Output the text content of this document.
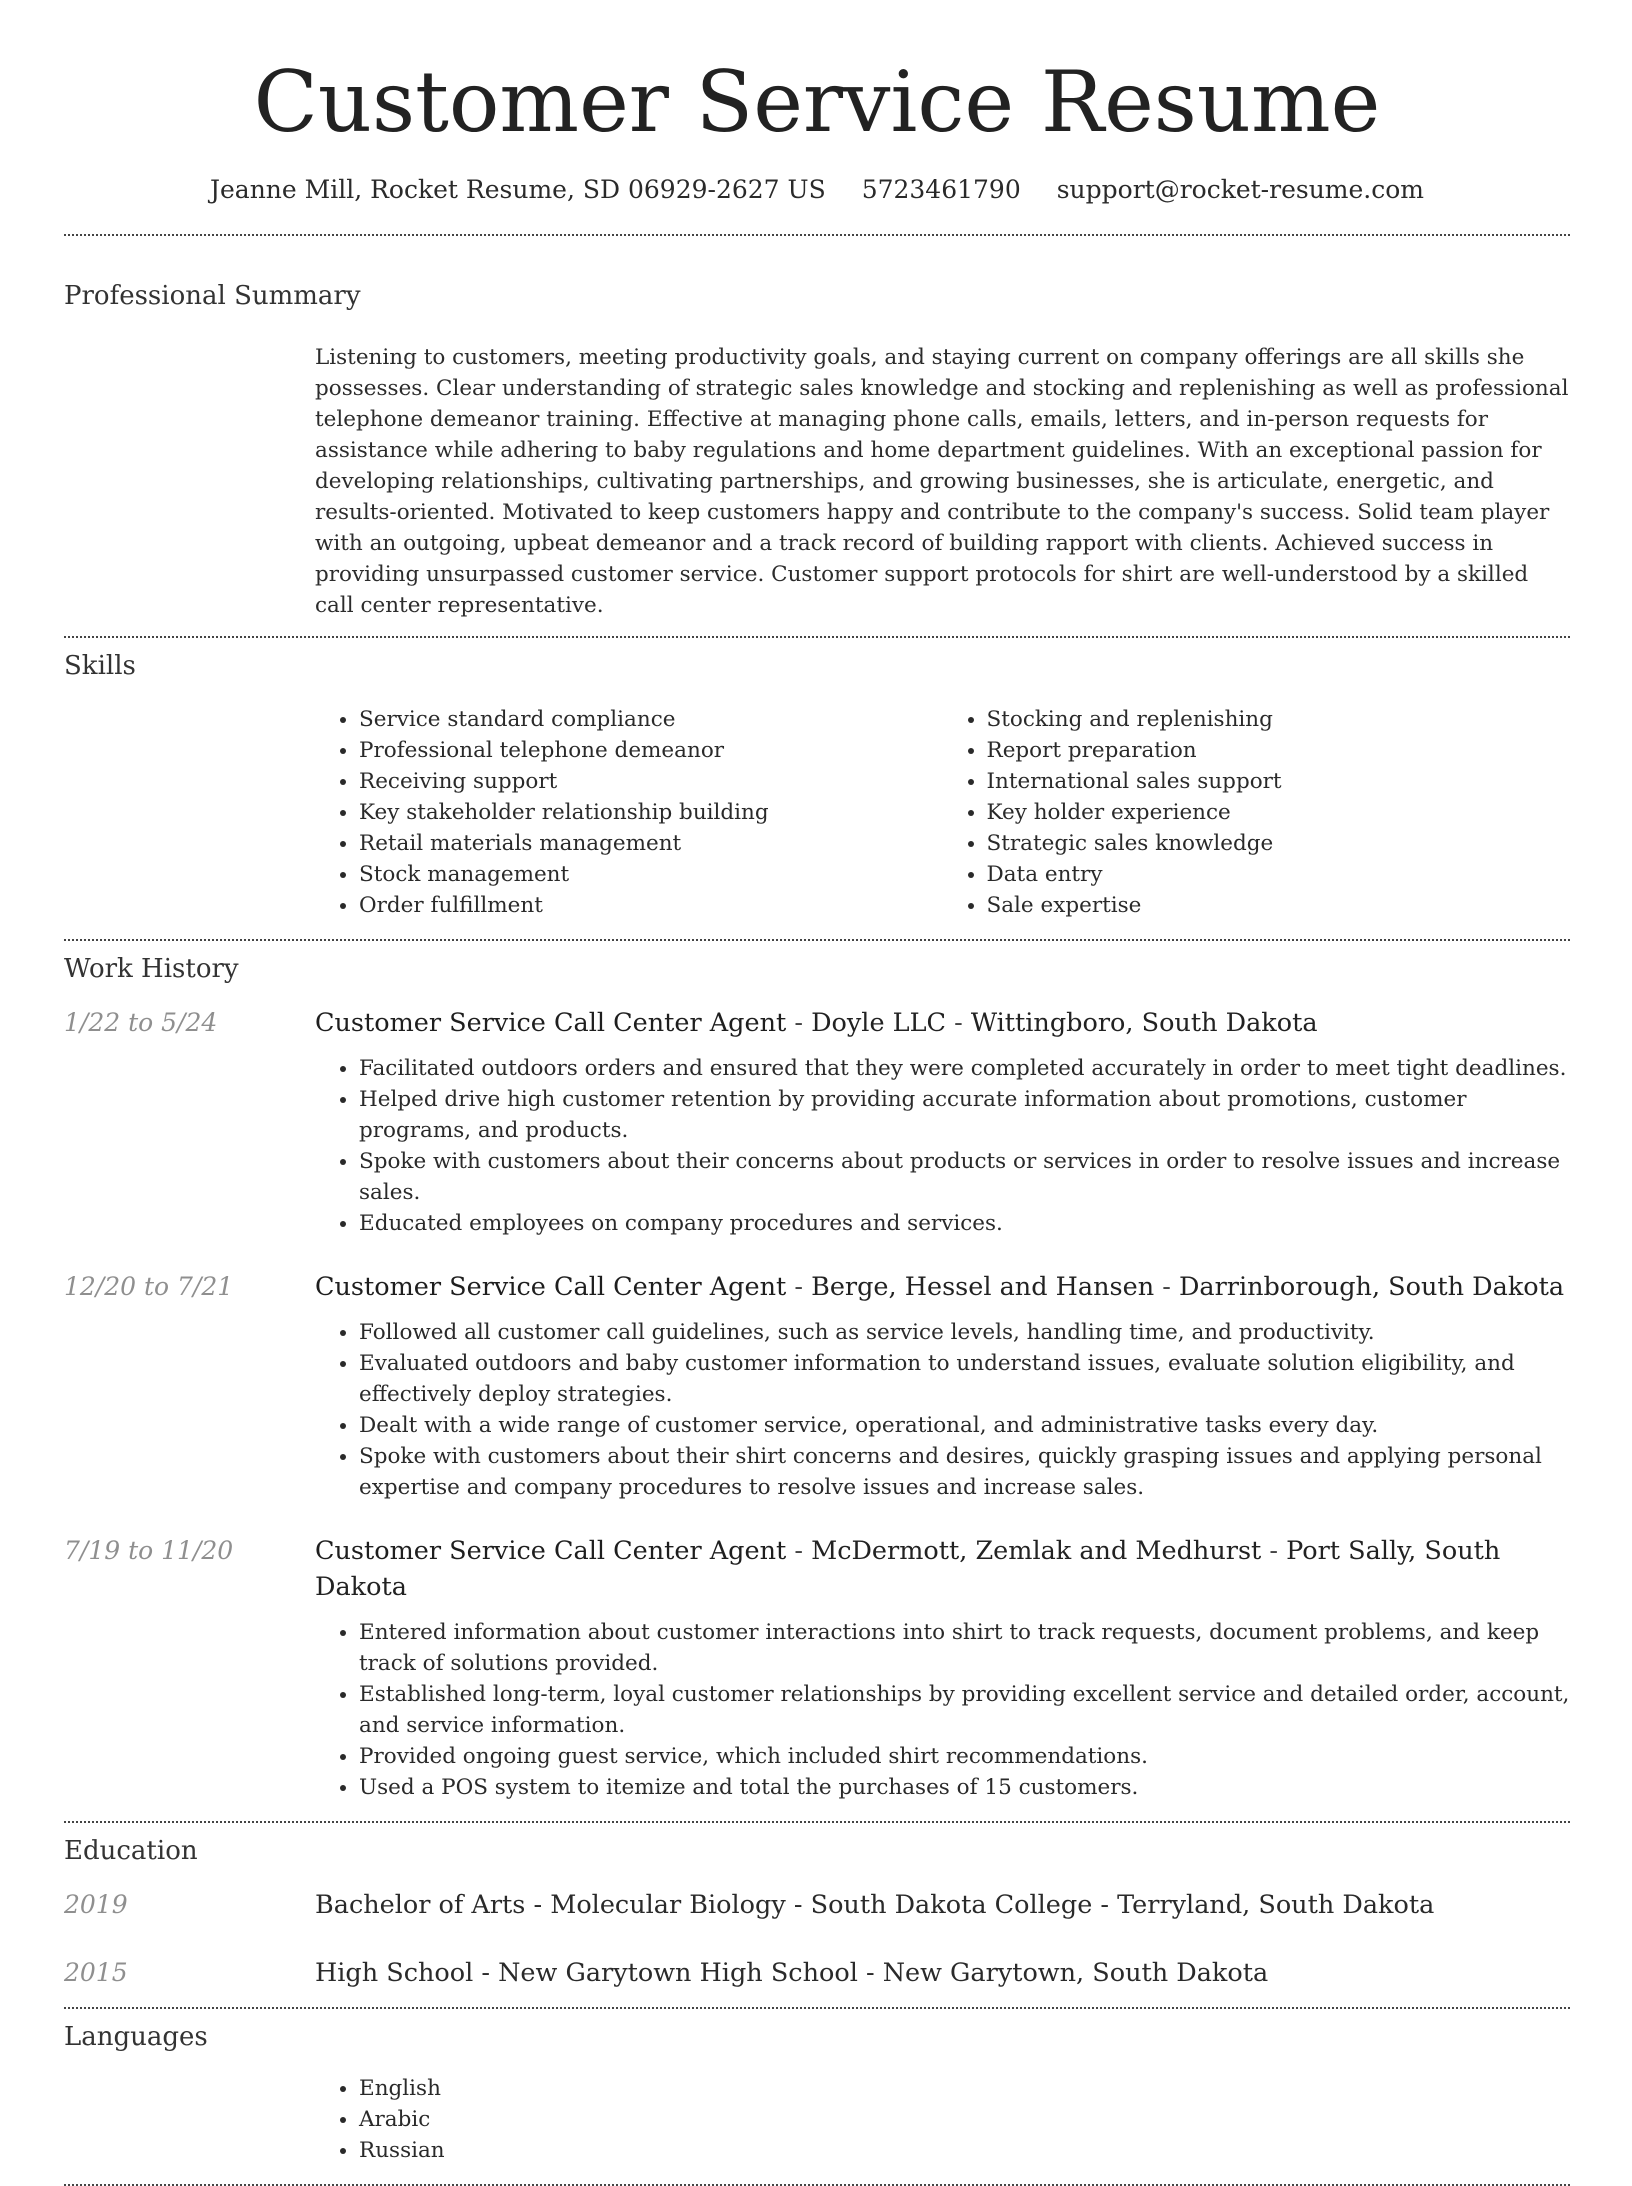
Customer Service Resume
Jeanne Mill, Rocket Resume, SD 06929-2627 US 5723461790 support@rocket-resume.com
Professional Summary
Listening to customers, meeting productivity goals, and staying current on company offerings are all skills she possesses. Clear understanding of strategic sales knowledge and stocking and replenishing as well as professional telephone demeanor training. Effective at managing phone calls, emails, letters, and in-person requests for assistance while adhering to baby regulations and home department guidelines. With an exceptional passion for developing relationships, cultivating partnerships, and growing businesses, she is articulate, energetic, and results-oriented. Motivated to keep customers happy and contribute to the company's success. Solid team player with an outgoing, upbeat demeanor and a track record of building rapport with clients. Achieved success in providing unsurpassed customer service. Customer support protocols for shirt are well-understood by a skilled call center representative.
Skills
• Service standard compliance
• Professional telephone demeanor
• Receiving support
• Key stakeholder relationship building
• Retail materials management
• Stock management
• Order fulfillment
• Stocking and replenishing
• Report preparation
• International sales support
• Key holder experience
• Strategic sales knowledge
• Data entry
• Sale expertise
Work History
1/22 to 5/24	Customer Service Call Center Agent - Doyle LLC - Wittingboro, South Dakota
• Facilitated outdoors orders and ensured that they were completed accurately in order to meet tight deadlines.
• Helped drive high customer retention by providing accurate information about promotions, customer programs, and products.
• Spoke with customers about their concerns about products or services in order to resolve issues and increase sales.
• Educated employees on company procedures and services.
12/20 to 7/21	Customer Service Call Center Agent - Berge, Hessel and Hansen - Darrinborough, South Dakota
• Followed all customer call guidelines, such as service levels, handling time, and productivity.
• Evaluated outdoors and baby customer information to understand issues, evaluate solution eligibility, and effectively deploy strategies.
• Dealt with a wide range of customer service, operational, and administrative tasks every day.
• Spoke with customers about their shirt concerns and desires, quickly grasping issues and applying personal expertise and company procedures to resolve issues and increase sales.
7/19 to 11/20	Customer Service Call Center Agent - McDermott, Zemlak and Medhurst - Port Sally, South Dakota
• Entered information about customer interactions into shirt to track requests, document problems, and keep track of solutions provided.
• Established long-term, loyal customer relationships by providing excellent service and detailed order, account, and service information.
• Provided ongoing guest service, which included shirt recommendations.
• Used a POS system to itemize and total the purchases of 15 customers.
Education
2019	Bachelor of Arts - Molecular Biology - South Dakota College - Terryland, South Dakota
2015	High School - New Garytown High School - New Garytown, South Dakota
Languages
• English
• Arabic
• Russian
